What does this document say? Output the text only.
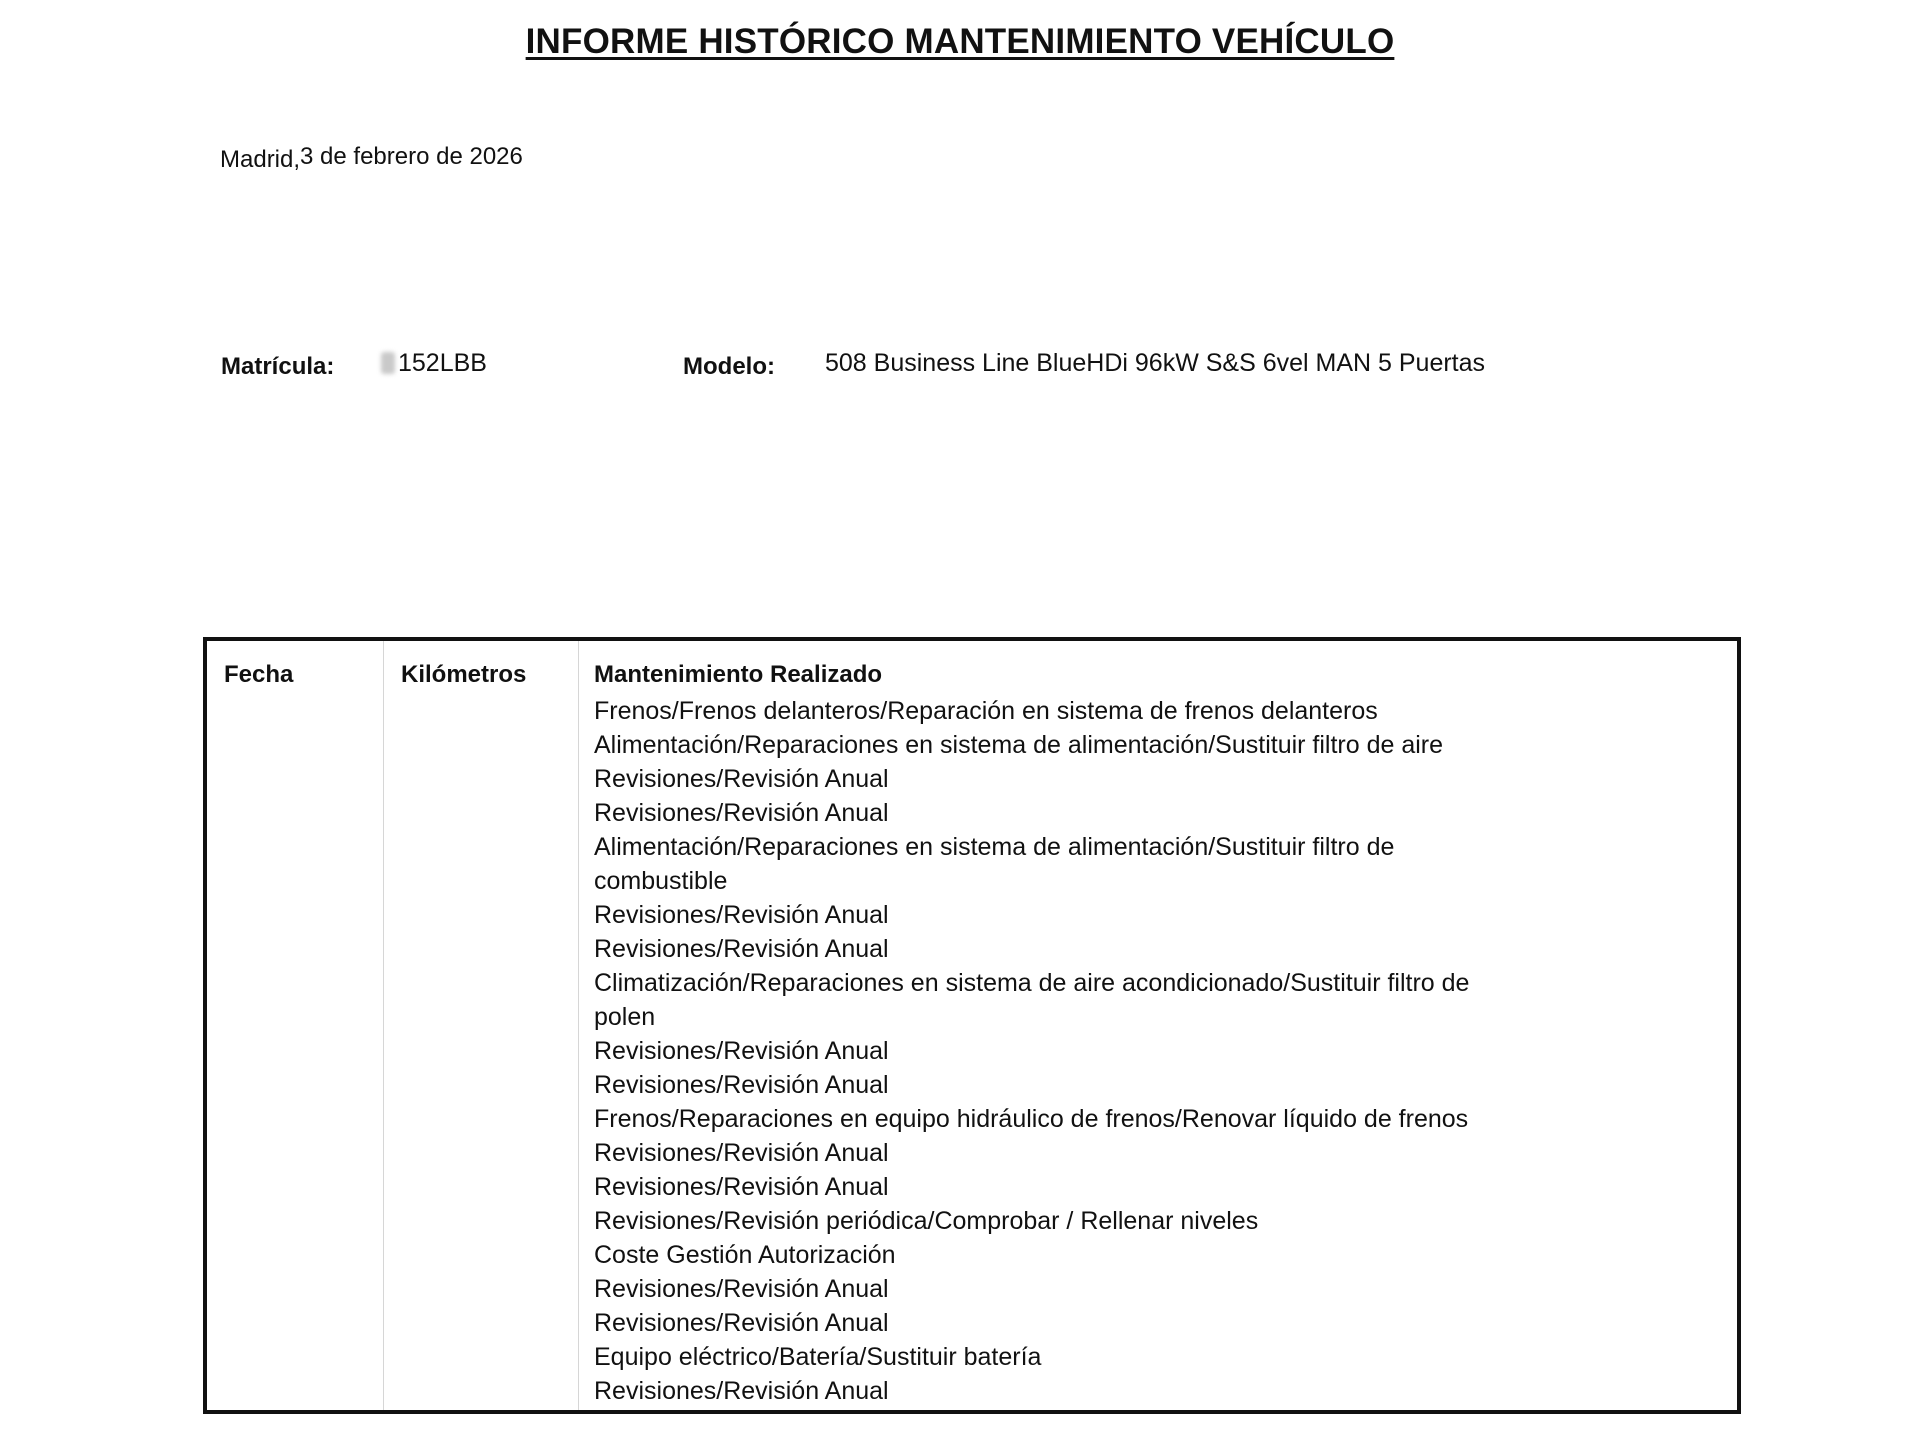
INFORME HISTÓRICO MANTENIMIENTO VEHÍCULO
Madrid,3 de febrero de 2026
Matrícula:	152LBB	Modelo: 508 Business Line BlueHDi 96kW S&S 6vel MAN 5 Puertas
Fecha	Kilómetros	Mantenimiento Realizado
Frenos/Frenos delanteros/Reparación en sistema de frenos delanteros
Alimentación/Reparaciones en sistema de alimentación/Sustituir filtro de aire
Revisiones/Revisión Anual
Revisiones/Revisión Anual
Alimentación/Reparaciones en sistema de alimentación/Sustituir filtro de
combustible
Revisiones/Revisión Anual
Revisiones/Revisión Anual
Climatización/Reparaciones en sistema de aire acondicionado/Sustituir filtro de
polen
Revisiones/Revisión Anual
Revisiones/Revisión Anual
Frenos/Reparaciones en equipo hidráulico de frenos/Renovar líquido de frenos
Revisiones/Revisión Anual
Revisiones/Revisión Anual
Revisiones/Revisión periódica/Comprobar / Rellenar niveles
Coste Gestión Autorización
Revisiones/Revisión Anual
Revisiones/Revisión Anual
Equipo eléctrico/Batería/Sustituir batería
Revisiones/Revisión Anual
